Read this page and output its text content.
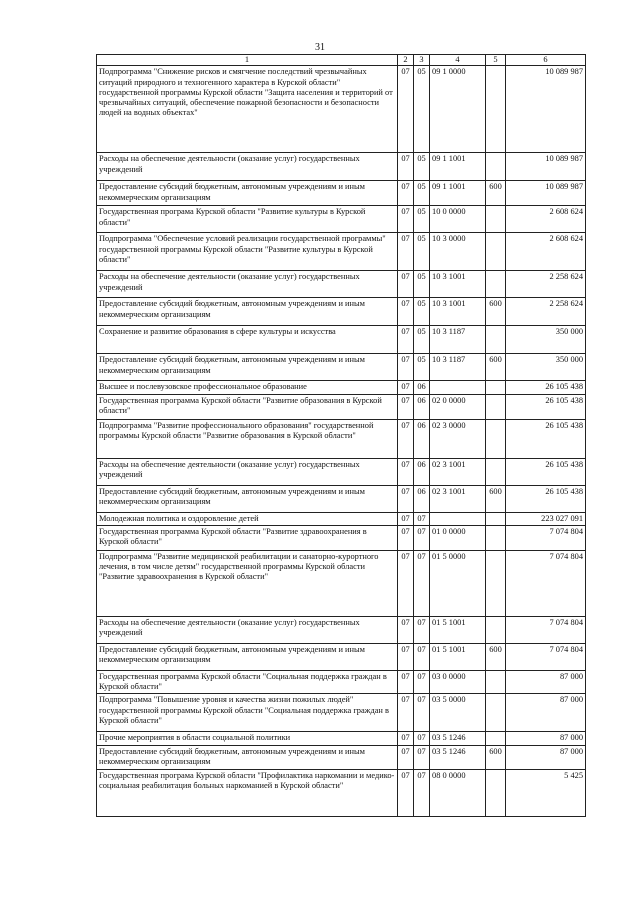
31
1	2	3	4	5	6
Подпрограмма "Снижение рисков и смягчение последствий чрезвычайных ситуаций природного и техногенного характера в Курской области" государственной программы Курской области "Защита населения и территорий от чрезвычайных ситуаций, обеспечение пожарной безопасности и безопасности людей на водных объектах"	07	05	09 1 0000		10 089 987
Расходы на обеспечение деятельности (оказание услуг) государственных учреждений	07	05	09 1 1001		10 089 987
Предоставление субсидий бюджетным, автономным учреждениям и иным некоммерческим организациям	07	05	09 1 1001	600	10 089 987
Государственная програмa Курской области "Развитие культуры в Курской области"	07	05	10 0 0000		2 608 624
Подпрограмма "Обеспечение условий реализации государственной программы" государственной программы Курской области "Развитие культуры в Курской области"	07	05	10 3 0000		2 608 624
Расходы на обеспечение деятельности (оказание услуг) государственных учреждений	07	05	10 3 1001		2 258 624
Предоставление субсидий бюджетным, автономным учреждениям и иным некоммерческим организациям	07	05	10 3 1001	600	2 258 624
Сохранение и развитие образования в сфере культуры и искусства	07	05	10 3 1187		350 000
Предоставление субсидий бюджетным, автономным учреждениям и иным некоммерческим организациям	07	05	10 3 1187	600	350 000
Высшее и послевузовское профессиональное образование	07	06			26 105 438
Государственная программа Курской области "Развитие образования в Курской области"	07	06	02 0 0000		26 105 438
Подпрограмма "Развитие профессионального образования" государственной программы Курской области "Развитие образования в Курской области"	07	06	02 3 0000		26 105 438
Расходы на обеспечение деятельности (оказание услуг) государственных учреждений	07	06	02 3 1001		26 105 438
Предоставление субсидий бюджетным, автономным учреждениям и иным некоммерческим организациям	07	06	02 3 1001	600	26 105 438
Молодежная политика и оздоровление детей	07	07			223 027 091
Государственная программа Курской области "Развитие здравоохранения в Курской области"	07	07	01 0 0000		7 074 804
Подпрограмма "Развитие медицинской реабилитации и санаторно-курортного лечения, в том числе детям" государственной программы Курской области "Развитие здравоохранения в Курской области"	07	07	01 5 0000		7 074 804
Расходы на обеспечение деятельности (оказание услуг) государственных учреждений	07	07	01 5 1001		7 074 804
Предоставление субсидий бюджетным, автономным учреждениям и иным некоммерческим организациям	07	07	01 5 1001	600	7 074 804
Государственная программа Курской области "Социальная поддержка граждан в Курской области"	07	07	03 0 0000		87 000
Подпрограмма "Повышение уровня и качества жизни пожилых людей" государственной программы Курской области "Социальная поддержка граждан в Курской области"	07	07	03 5 0000		87 000
Прочие мероприятия в области социальной политики	07	07	03 5 1246		87 000
Предоставление субсидий бюджетным, автономным учреждениям и иным некоммерческим организациям	07	07	03 5 1246	600	87 000
Государственная програмa Курской области "Профилактика наркомании и медико-социальная реабилитация больных наркоманией в Курской области"	07	07	08 0 0000		5 425
